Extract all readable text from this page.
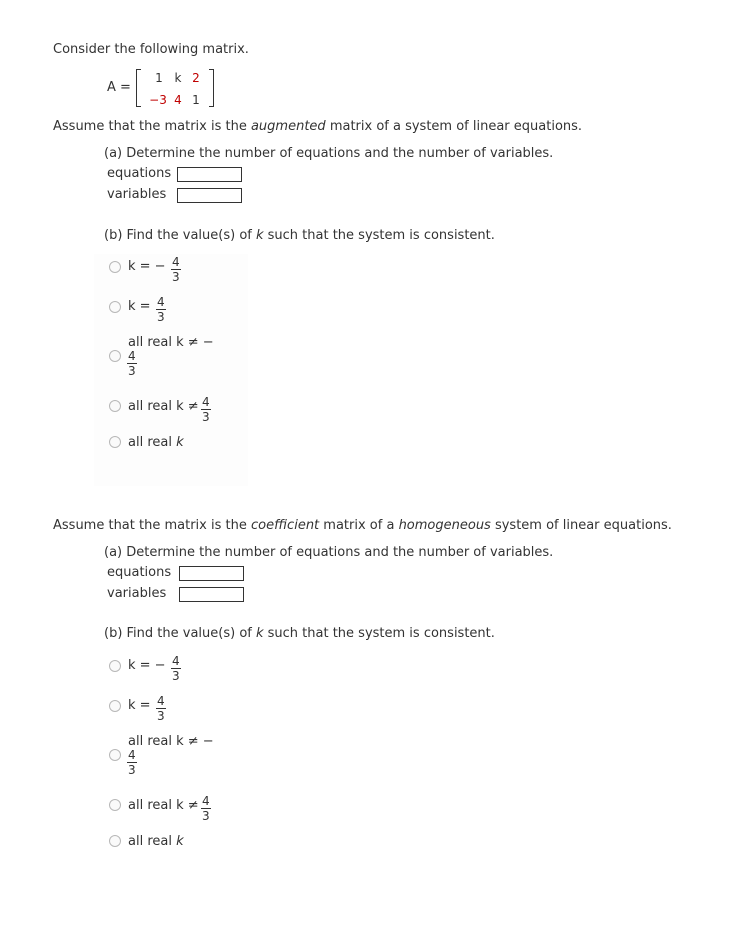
Consider the following matrix.
A =
1 k 2
−3 4 1
Assume that the matrix is the augmented matrix of a system of linear equations.
(a) Determine the number of equations and the number of variables.
equations
variables
(b) Find the value(s) of k such that the system is consistent.
k = − $\frac{4}{3}$
$k = \frac{4}{3}$
all real k ≠ −
$\frac{4}{3}$
all real $k \ne \frac{4}{3}$
all real k
Assume that the matrix is the coefficient matrix of a homogeneous system of linear equations.
(a) Determine the number of equations and the number of variables.
equations
variables
(b) Find the value(s) of k such that the system is consistent.
k = − $\frac{4}{3}$
$k = \frac{4}{3}$
all real k ≠ −
$\frac{4}{3}$
all real $k \ne \frac{4}{3}$
all real k
